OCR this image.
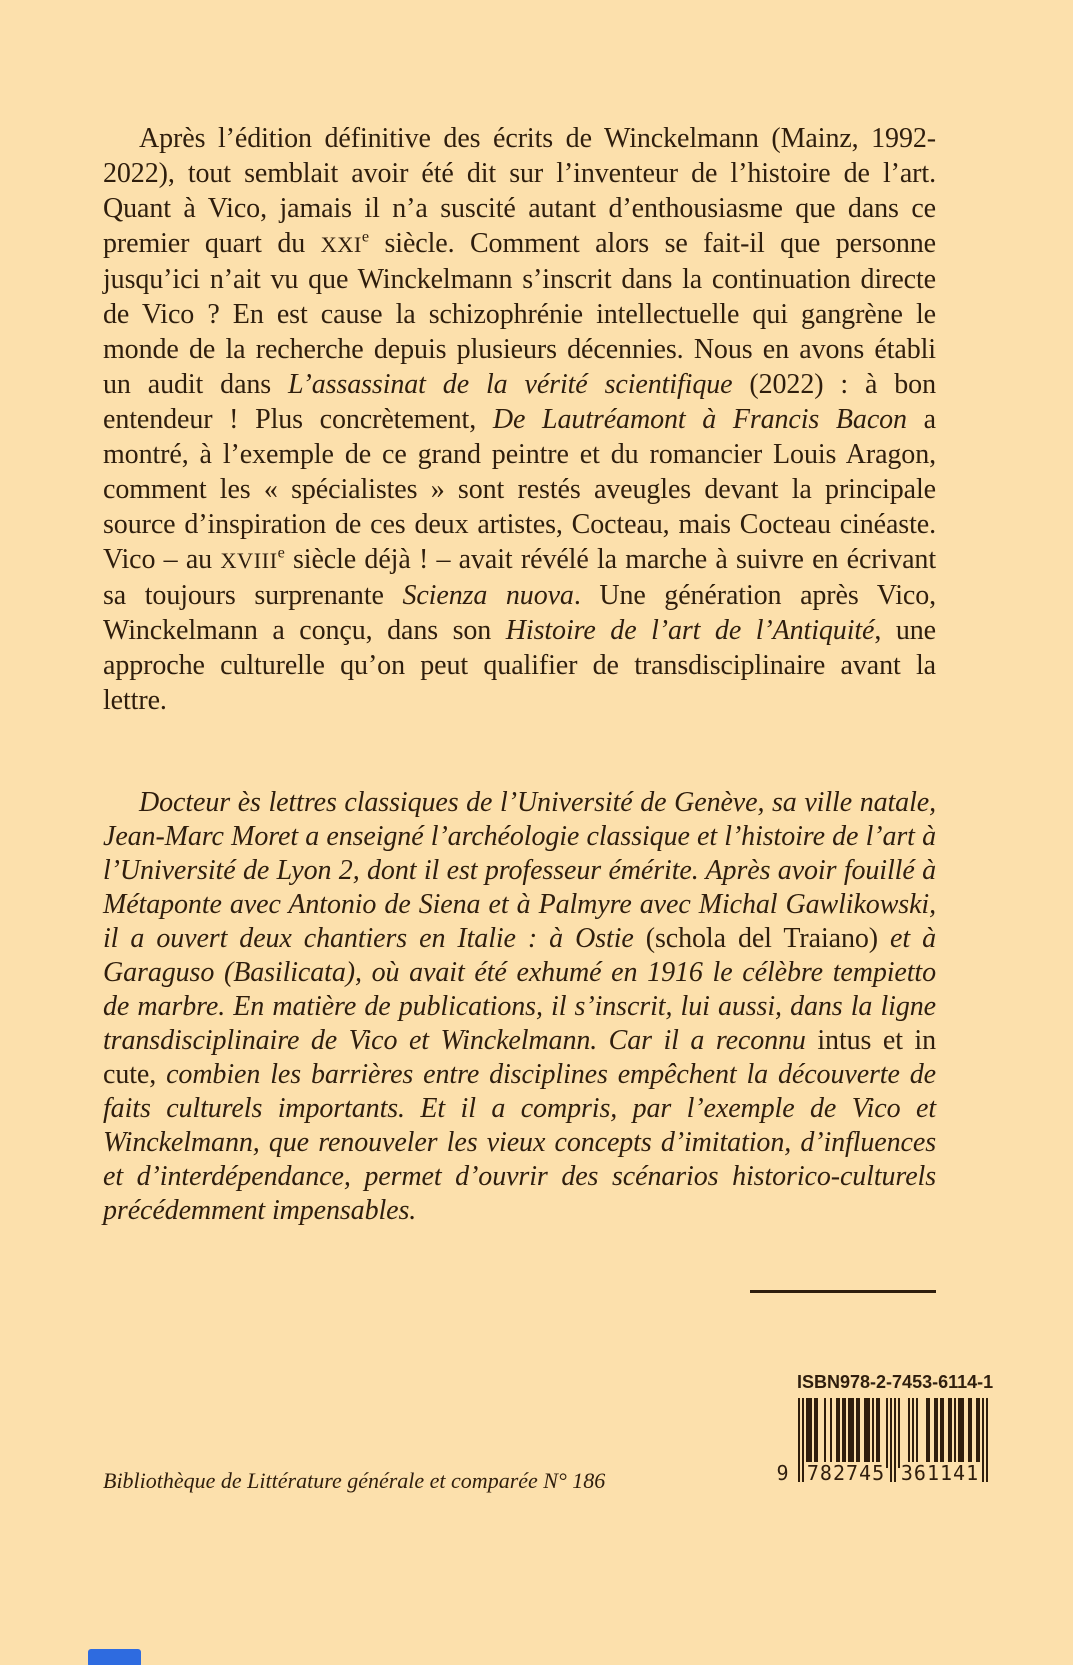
Après l’édition définitive des écrits de Winckelmann (Mainz, 1992-2022), tout semblait avoir été dit sur l’inventeur de l’histoire de l’art. Quant à Vico, jamais il n’a suscité autant d’enthousiasme que dans ce premier quart du XXIe siècle. Comment alors se fait-il que personne jusqu’ici n’ait vu que Winckelmann s’inscrit dans la continuation directe de Vico ? En est cause la schizophrénie intellectuelle qui gangrène le monde de la recherche depuis plusieurs décennies. Nous en avons établi un audit dans L’assassinat de la vérité scientifique (2022) : à bon entendeur ! Plus concrètement, De Lautréamont à Francis Bacon a montré, à l’exemple de ce grand peintre et du romancier Louis Aragon, comment les « spécialistes » sont restés aveugles devant la principale source d’inspiration de ces deux artistes, Cocteau, mais Cocteau cinéaste. Vico – au XVIIIe siècle déjà ! – avait révélé la marche à suivre en écrivant sa toujours surprenante Scienza nuova. Une génération après Vico, Winckelmann a conçu, dans son Histoire de l’art de l’Antiquité, une approche culturelle qu’on peut qualifier de transdisciplinaire avant la lettre.

Docteur ès lettres classiques de l’Université de Genève, sa ville natale, Jean-Marc Moret a enseigné l’archéologie classique et l’histoire de l’art à l’Université de Lyon 2, dont il est professeur émérite. Après avoir fouillé à Métaponte avec Antonio de Siena et à Palmyre avec Michal Gawlikowski, il a ouvert deux chantiers en Italie : à Ostie (schola del Traiano) et à Garaguso (Basilicata), où avait été exhumé en 1916 le célèbre tempietto de marbre. En matière de publications, il s’inscrit, lui aussi, dans la ligne transdisciplinaire de Vico et Winckelmann. Car il a reconnu intus et in cute, combien les barrières entre disciplines empêchent la découverte de faits culturels importants. Et il a compris, par l’exemple de Vico et Winckelmann, que renouveler les vieux concepts d’imitation, d’influences et d’interdépendance, permet d’ouvrir des scénarios historico-culturels précédemment impensables.

Bibliothèque de Littérature générale et comparée N° 186
ISBN 978-2-7453-6114-1
9 782745 361141
